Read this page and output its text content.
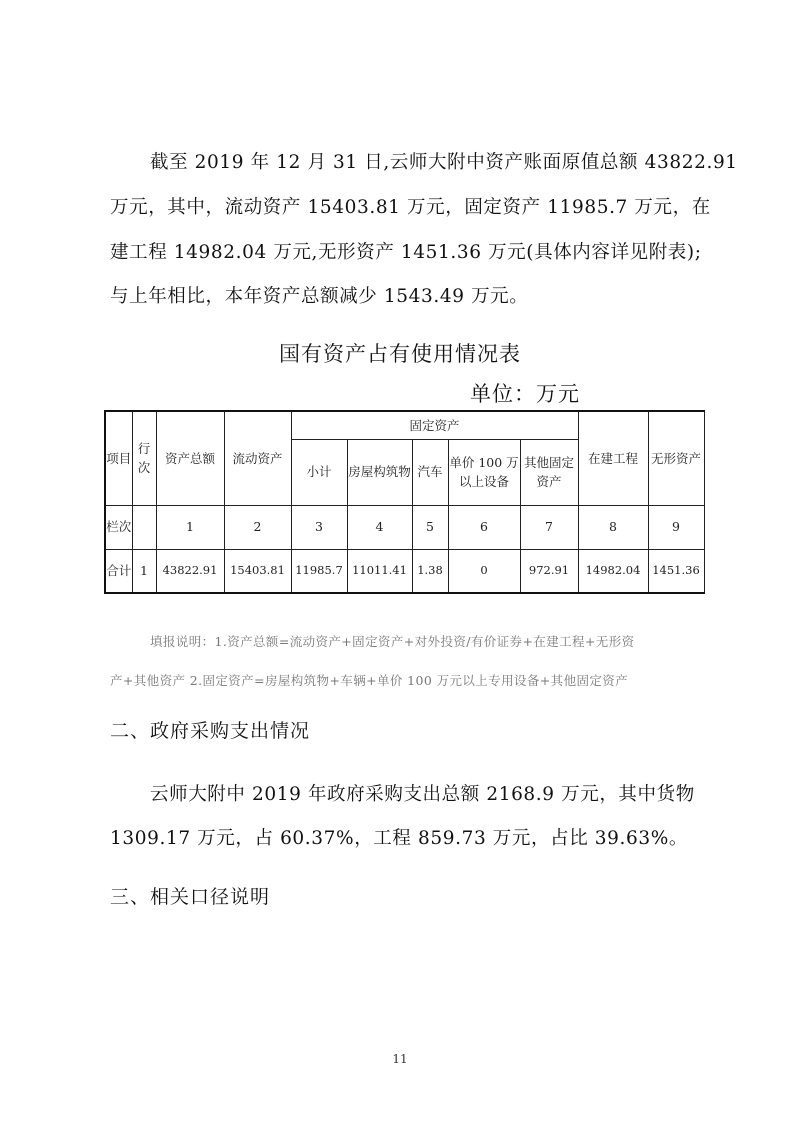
截至 2019 年 12 月 31 日,云师大附中资产账面原值总额 43822.91
万元，其中，流动资产 15403.81 万元，固定资产 11985.7 万元，在
建工程 14982.04 万元,无形资产 1451.36 万元(具体内容详见附表);
与上年相比，本年资产总额减少 1543.49 万元。
国有资产占有使用情况表
单位：万元
项目	行次	资产总额	流动资产	固定资产					在建工程	无形资产
				小计	房屋构筑物	汽车	单价 100 万以上设备	其他固定资产		
栏次		1	2	3	4	5	6	7	8	9
合计	1	43822.91	15403.81	11985.7	11011.41	1.38	0	972.91	14982.04	1451.36
填报说明：1.资产总额=流动资产+固定资产+对外投资/有价证券+在建工程+无形资
产+其他资产 2.固定资产=房屋构筑物+车辆+单价 100 万元以上专用设备+其他固定资产
二、政府采购支出情况
云师大附中 2019 年政府采购支出总额 2168.9 万元，其中货物
1309.17 万元，占 60.37%，工程 859.73 万元，占比 39.63%。
三、相关口径说明
11
